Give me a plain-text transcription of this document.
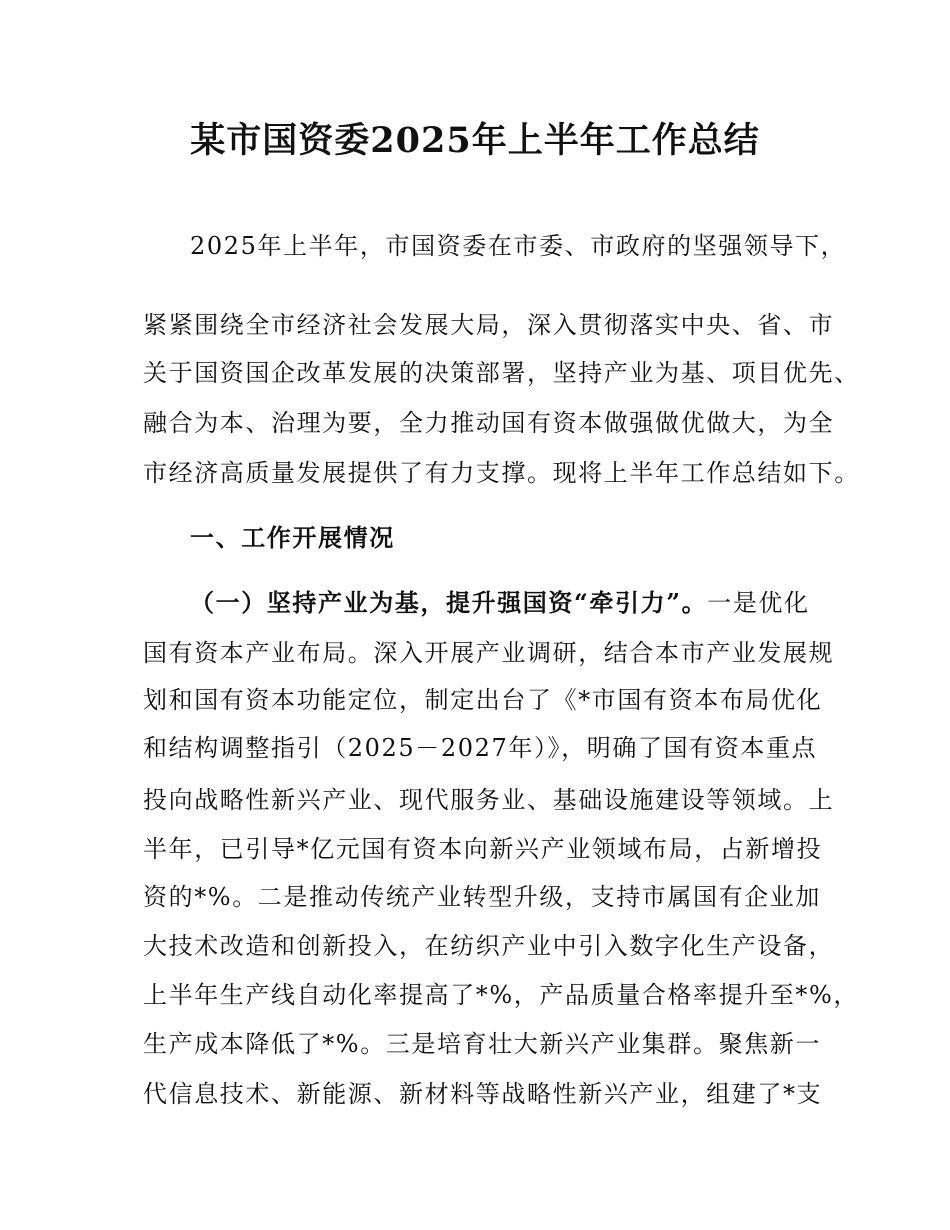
某市国资委2025年上半年工作总结

2025年上半年，市国资委在市委、市政府的坚强领导下，

紧紧围绕全市经济社会发展大局，深入贯彻落实中央、省、市

关于国资国企改革发展的决策部署，坚持产业为基、项目优先、

融合为本、治理为要，全力推动国有资本做强做优做大，为全

市经济高质量发展提供了有力支撑。现将上半年工作总结如下。

一、工作开展情况

（一）坚持产业为基，提升强国资“牵引力”。一是优化

国有资本产业布局。深入开展产业调研，结合本市产业发展规

划和国有资本功能定位，制定出台了《*市国有资本布局优化

和结构调整指引（2025－2027年）》，明确了国有资本重点

投向战略性新兴产业、现代服务业、基础设施建设等领域。上

半年，已引导*亿元国有资本向新兴产业领域布局，占新增投

资的*%。二是推动传统产业转型升级，支持市属国有企业加

大技术改造和创新投入，在纺织产业中引入数字化生产设备，

上半年生产线自动化率提高了*%，产品质量合格率提升至*%，

生产成本降低了*%。三是培育壮大新兴产业集群。聚焦新一

代信息技术、新能源、新材料等战略性新兴产业，组建了*支
